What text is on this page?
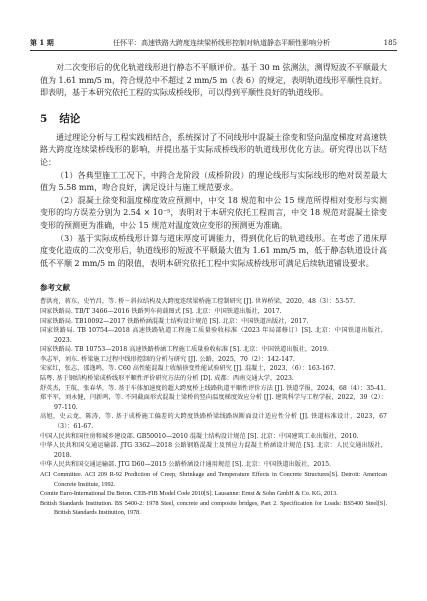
第 1 期	任怀平：高速铁路大跨度连续梁桥线形控制对轨道静态平顺性影响分析	185

对二次变形后的优化轨道线形进行静态不平顺评价。基于 30 m 弦测法，测得短波不平顺最大值为 1.61 mm/5 m，符合规范中不超过 2 mm/5 m（表 6）的规定，表明轨道线形平顺性良好。即表明，基于本研究依托工程的实际成桥线形，可以得到平顺性良好的轨道线形。

5 结论

通过理论分析与工程实践相结合，系统探讨了不同线形中混凝土徐变和竖向温度梯度对高速铁路大跨度连续梁桥线形的影响，并提出基于实际成桥线形的轨道线形优化方法。研究得出以下结论：

（1）各典型施工工况下，中跨合龙阶段（成桥阶段）的理论线形与实际线形的绝对误差最大值为 5.58 mm，吻合良好，满足设计与施工规范要求。

（2）混凝土徐变和温度梯度效应预测中，中交 18 规范和中公 15 规范所得相对变形与实测变形的均方误差分别为 2.54 × 10⁻⁵，表明对于本研究依托工程而言，中交 18 规范对混凝土徐变变形的预测更为准确，中公 15 规范对温度效应变形的预测更为准确。

（3）基于实际成桥线形计算与道床厚度可调能力，得到优化后的轨道线形。在考虑了道床厚度变化造成的二次变形后，轨道线形的短波不平顺最大值为 1.61 mm/5 m，低于静态轨道设计高低不平顺 2 mm/5 m 的限值，表明本研究依托工程中实际成桥线形可满足后续轨道铺设要求。

参考文献
曹洪亮，蒋东，史竹昌，等. 桥－斜拉结构及大跨度连续梁桥施工控制研究 [J]. 世界桥梁，2020，48（3）：53-57.
国家铁路局. TB/T 3466—2016 铁路列车荷载图式 [S]. 北京：中国铁道出版社，2017.
国家铁路局. TB10092—2017 铁路桥涵混凝土结构设计规范 [S]. 北京：中国铁道出版社，2017.
国家铁路局. TB 10754—2018 高速铁路轨道工程施工质量验收标准（2023 年局部修订）[S]. 北京：中国铁道出版社，2023.
国家铁路局. TB 10753—2018 高速铁路桥涵工程施工质量验收标准 [S]. 北京：中国铁道出版社，2019.
李志军，刘东. 桥梁施工过程中线形控制的分析与研究 [J]. 公路，2025，70（2）：142-147.
宋家红，张志，邵逸鸣，等. C60 高性能混凝土收缩徐变性能试验研究 [J]. 混凝土，2023，（6）：163-167.
陆粤. 基于钢结构桥梁成桥线形平顺性评价研究方法的分析 [D]. 成都：西南交通大学，2023.
舒英杰，王航，张春华，等. 基于车体加速度的超大跨度桥上线路轨道平顺性评价方法 [J]. 铁道学报，2024，68（4）：35-41.
郑平军，刘永健，闫新鸣，等. 不同截面形式混凝土梁桥的竖向温度梯度效应分析 [J]. 建筑科学与工程学报，2022，39（2）：97-110.
高旭，史云龙，陈涛，等. 基于成桥施工偏差的大跨度铁路桥梁线路纵断面设计适应性分析 [J]. 铁道标准设计，2023，67（3）：61-67.
中国人民共和国住房和城乡建设部. GB50010—2010 混凝土结构设计规范 [S]. 北京：中国建筑工业出版社，2010.
中华人民共和国交通运输部. JTG 3362—2018 公路钢筋混凝土及预应力混凝土桥涵设计规范 [S]. 北京：人民交通出版社，2018.
中华人民共和国交通运输部. JTG D60—2015 公路桥涵设计通用规范 [S]. 北京：中国铁道出版社，2015.
ACI Committee. ACI 209 R-92 Prediction of Creep, Shrinkage and Temperature Effects in Concrete Structures[S]. Detroit: American Concrete Institute, 1992.
Comite Euro-International Du Beton. CEB-FIB Model Code 2010[S]. Lausanne: Ernst & Sohn GmbH & Co. KG, 2013.
British Standards Institution. BS 5400-2: 1978 Steel, concrete and composite bridges, Part 2. Specification for Loads: BS5400 Steel[S]. British Standards Institution, 1978.
